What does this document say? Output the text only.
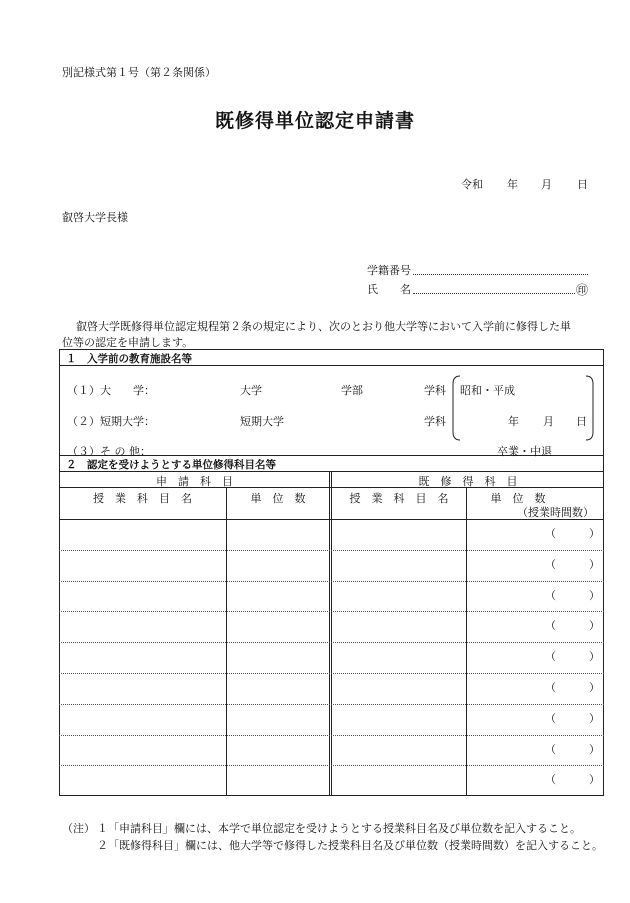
別記様式第１号（第２条関係）
既修得単位認定申請書
令和 年 月 日
叡啓大学長様
学籍番号
氏　　名	㊞
叡啓大学既修得単位認定規程第２条の規定により、次のとおり他大学等において入学前に修得した単
位等の認定を申請します。
１　入学前の教育施設名等
（１）大　　学：	大学	学部	学科
（２）短期大学：	短期大学	学科
（３）そ の 他：
昭和・平成
年 月 日
卒業・中退
２　認定を受けようとする単位修得科目名等
申　請　科　目	既　修　得　科　目
授　業　科　目　名	単　位　数	授　業　科　目　名	単　位　数
（授業時間数）
（　　　）
（　　　）
（　　　）
（　　　）
（　　　）
（　　　）
（　　　）
（　　　）
（　　　）
（注） １「申請科目」欄には、本学で単位認定を受けようとする授業科目名及び単位数を記入すること。
２「既修得科目」欄には、他大学等で修得した授業科目名及び単位数（授業時間数）を記入すること。
